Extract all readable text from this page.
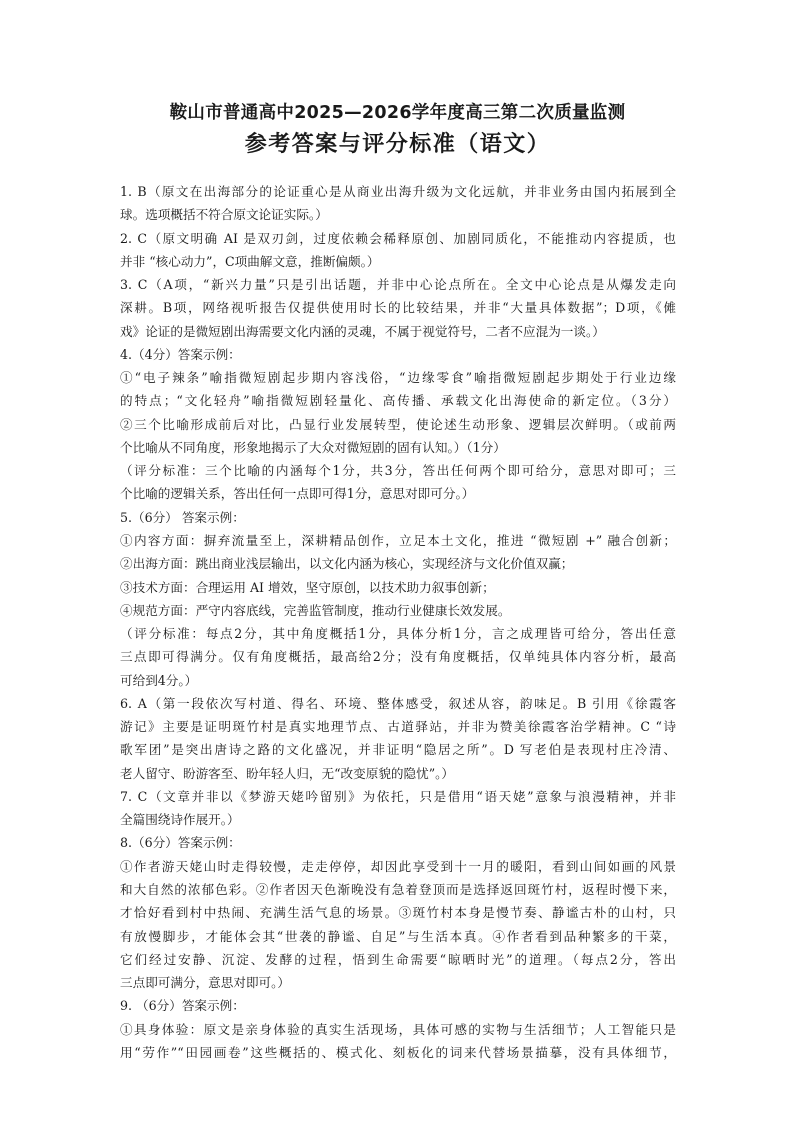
鞍山市普通高中2025—2026学年度高三第二次质量监测
参考答案与评分标准（语文）
1. B（原文在出海部分的论证重心是从商业出海升级为文化远航，并非业务由国内拓展到全
球。选项概括不符合原文论证实际。）
2. C（原文明确 AI 是双刃剑，过度依赖会稀释原创、加剧同质化，不能推动内容提质，也
并非 “核心动力”，C项曲解文意，推断偏颇。）
3. C（A项，“新兴力量”只是引出话题，并非中心论点所在。全文中心论点是从爆发走向
深耕。B项，网络视听报告仅提供使用时长的比较结果，并非“大量具体数据”；D项，《傩
戏》论证的是微短剧出海需要文化内涵的灵魂，不属于视觉符号，二者不应混为一谈。）
4.（4分）答案示例：
①“电子辣条”喻指微短剧起步期内容浅俗，“边缘零食”喻指微短剧起步期处于行业边缘
的特点；“文化轻舟”喻指微短剧轻量化、高传播、承载文化出海使命的新定位。（3分）
②三个比喻形成前后对比，凸显行业发展转型，使论述生动形象、逻辑层次鲜明。（或前两
个比喻从不同角度，形象地揭示了大众对微短剧的固有认知。）（1分）
（评分标准：三个比喻的内涵每个1分，共3分，答出任何两个即可给分，意思对即可；三
个比喻的逻辑关系，答出任何一点即可得1分，意思对即可分。）
5.（6分） 答案示例：
①内容方面：摒弃流量至上，深耕精品创作，立足本土文化，推进 “微短剧 +” 融合创新；
②出海方面：跳出商业浅层输出，以文化内涵为核心，实现经济与文化价值双赢；
③技术方面：合理运用 AI 增效，坚守原创，以技术助力叙事创新；
④规范方面：严守内容底线，完善监管制度，推动行业健康长效发展。
（评分标准：每点2分，其中角度概括1分，具体分析1分，言之成理皆可给分，答出任意
三点即可得满分。仅有角度概括，最高给2分；没有角度概括，仅单纯具体内容分析，最高
可给到4分。）
6. A（第一段依次写村道、得名、环境、整体感受，叙述从容，韵味足。B 引用《徐霞客
游记》主要是证明斑竹村是真实地理节点、古道驿站，并非为赞美徐霞客治学精神。C “诗
歌军团”是突出唐诗之路的文化盛况，并非证明“隐居之所”。D 写老伯是表现村庄冷清、
老人留守、盼游客至、盼年轻人归，无“改变原貌的隐忧”。）
7. C（文章并非以《梦游天姥吟留别》为依托，只是借用“语天姥”意象与浪漫精神，并非
全篇围绕诗作展开。）
8.（6分）答案示例：
①作者游天姥山时走得较慢，走走停停，却因此享受到十一月的暖阳，看到山间如画的风景
和大自然的浓郁色彩。②作者因天色渐晚没有急着登顶而是选择返回斑竹村，返程时慢下来，
才恰好看到村中热闹、充满生活气息的场景。③斑竹村本身是慢节奏、静谧古朴的山村，只
有放慢脚步，才能体会其“世袭的静谧、自足”与生活本真。④作者看到品种繁多的干菜，
它们经过安静、沉淀、发酵的过程，悟到生命需要“晾晒时光”的道理。（每点2分，答出
三点即可满分，意思对即可。）
9. （6分）答案示例：
①具身体验：原文是亲身体验的真实生活现场，具体可感的实物与生活细节；人工智能只是
用“劳作”“田园画卷”这些概括的、模式化、刻板化的词来代替场景描摹，没有具体细节，
